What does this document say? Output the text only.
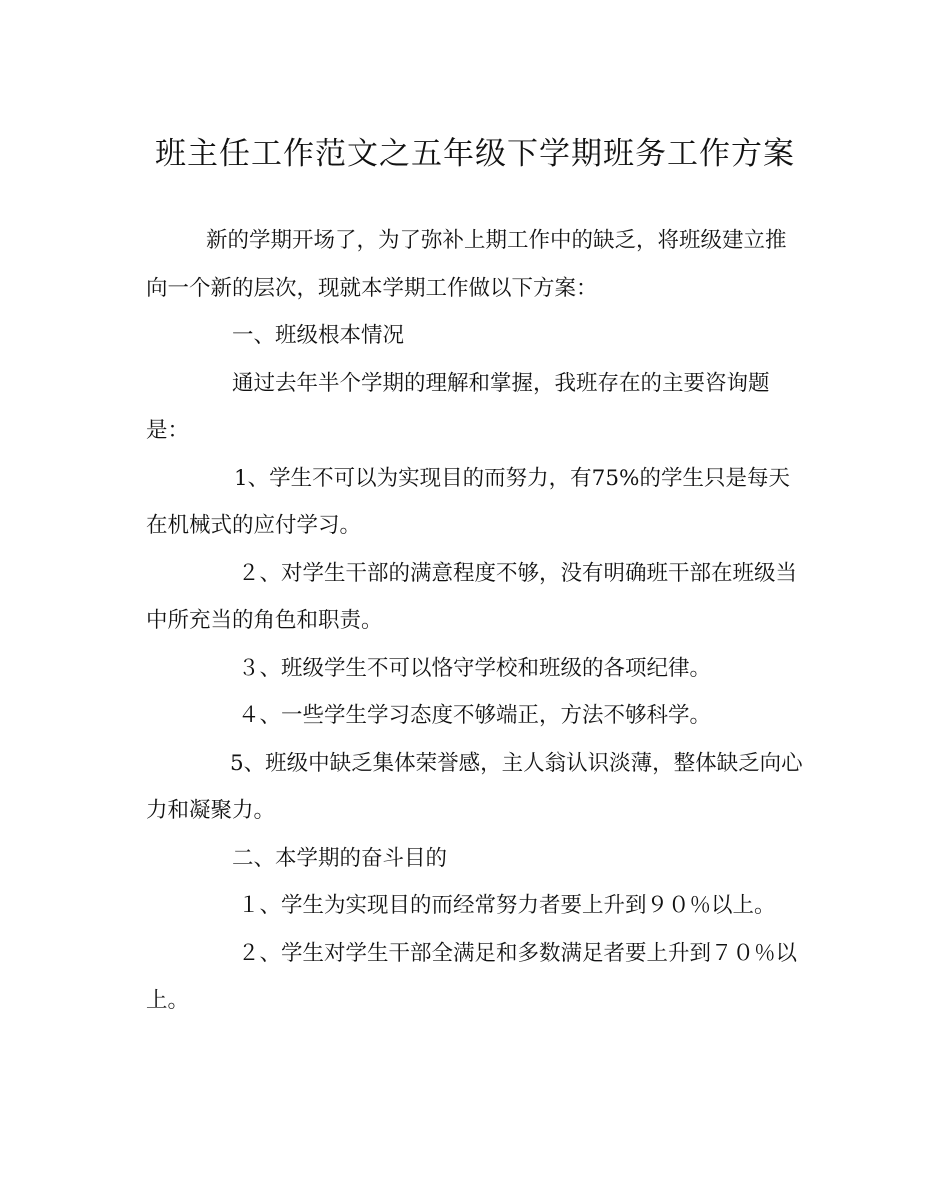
班主任工作范文之五年级下学期班务工作方案

新的学期开场了，为了弥补上期工作中的缺乏，将班级建立推向一个新的层次，现就本学期工作做以下方案：

一、班级根本情况

通过去年半个学期的理解和掌握，我班存在的主要咨询题是：

1、学生不可以为实现目的而努力，有75%的学生只是每天在机械式的应付学习。

２、对学生干部的满意程度不够，没有明确班干部在班级当中所充当的角色和职责。

３、班级学生不可以恪守学校和班级的各项纪律。

４、一些学生学习态度不够端正，方法不够科学。

5、班级中缺乏集体荣誉感，主人翁认识淡薄，整体缺乏向心力和凝聚力。

二、本学期的奋斗目的

１、学生为实现目的而经常努力者要上升到９０％以上。

２、学生对学生干部全满足和多数满足者要上升到７０％以上。
